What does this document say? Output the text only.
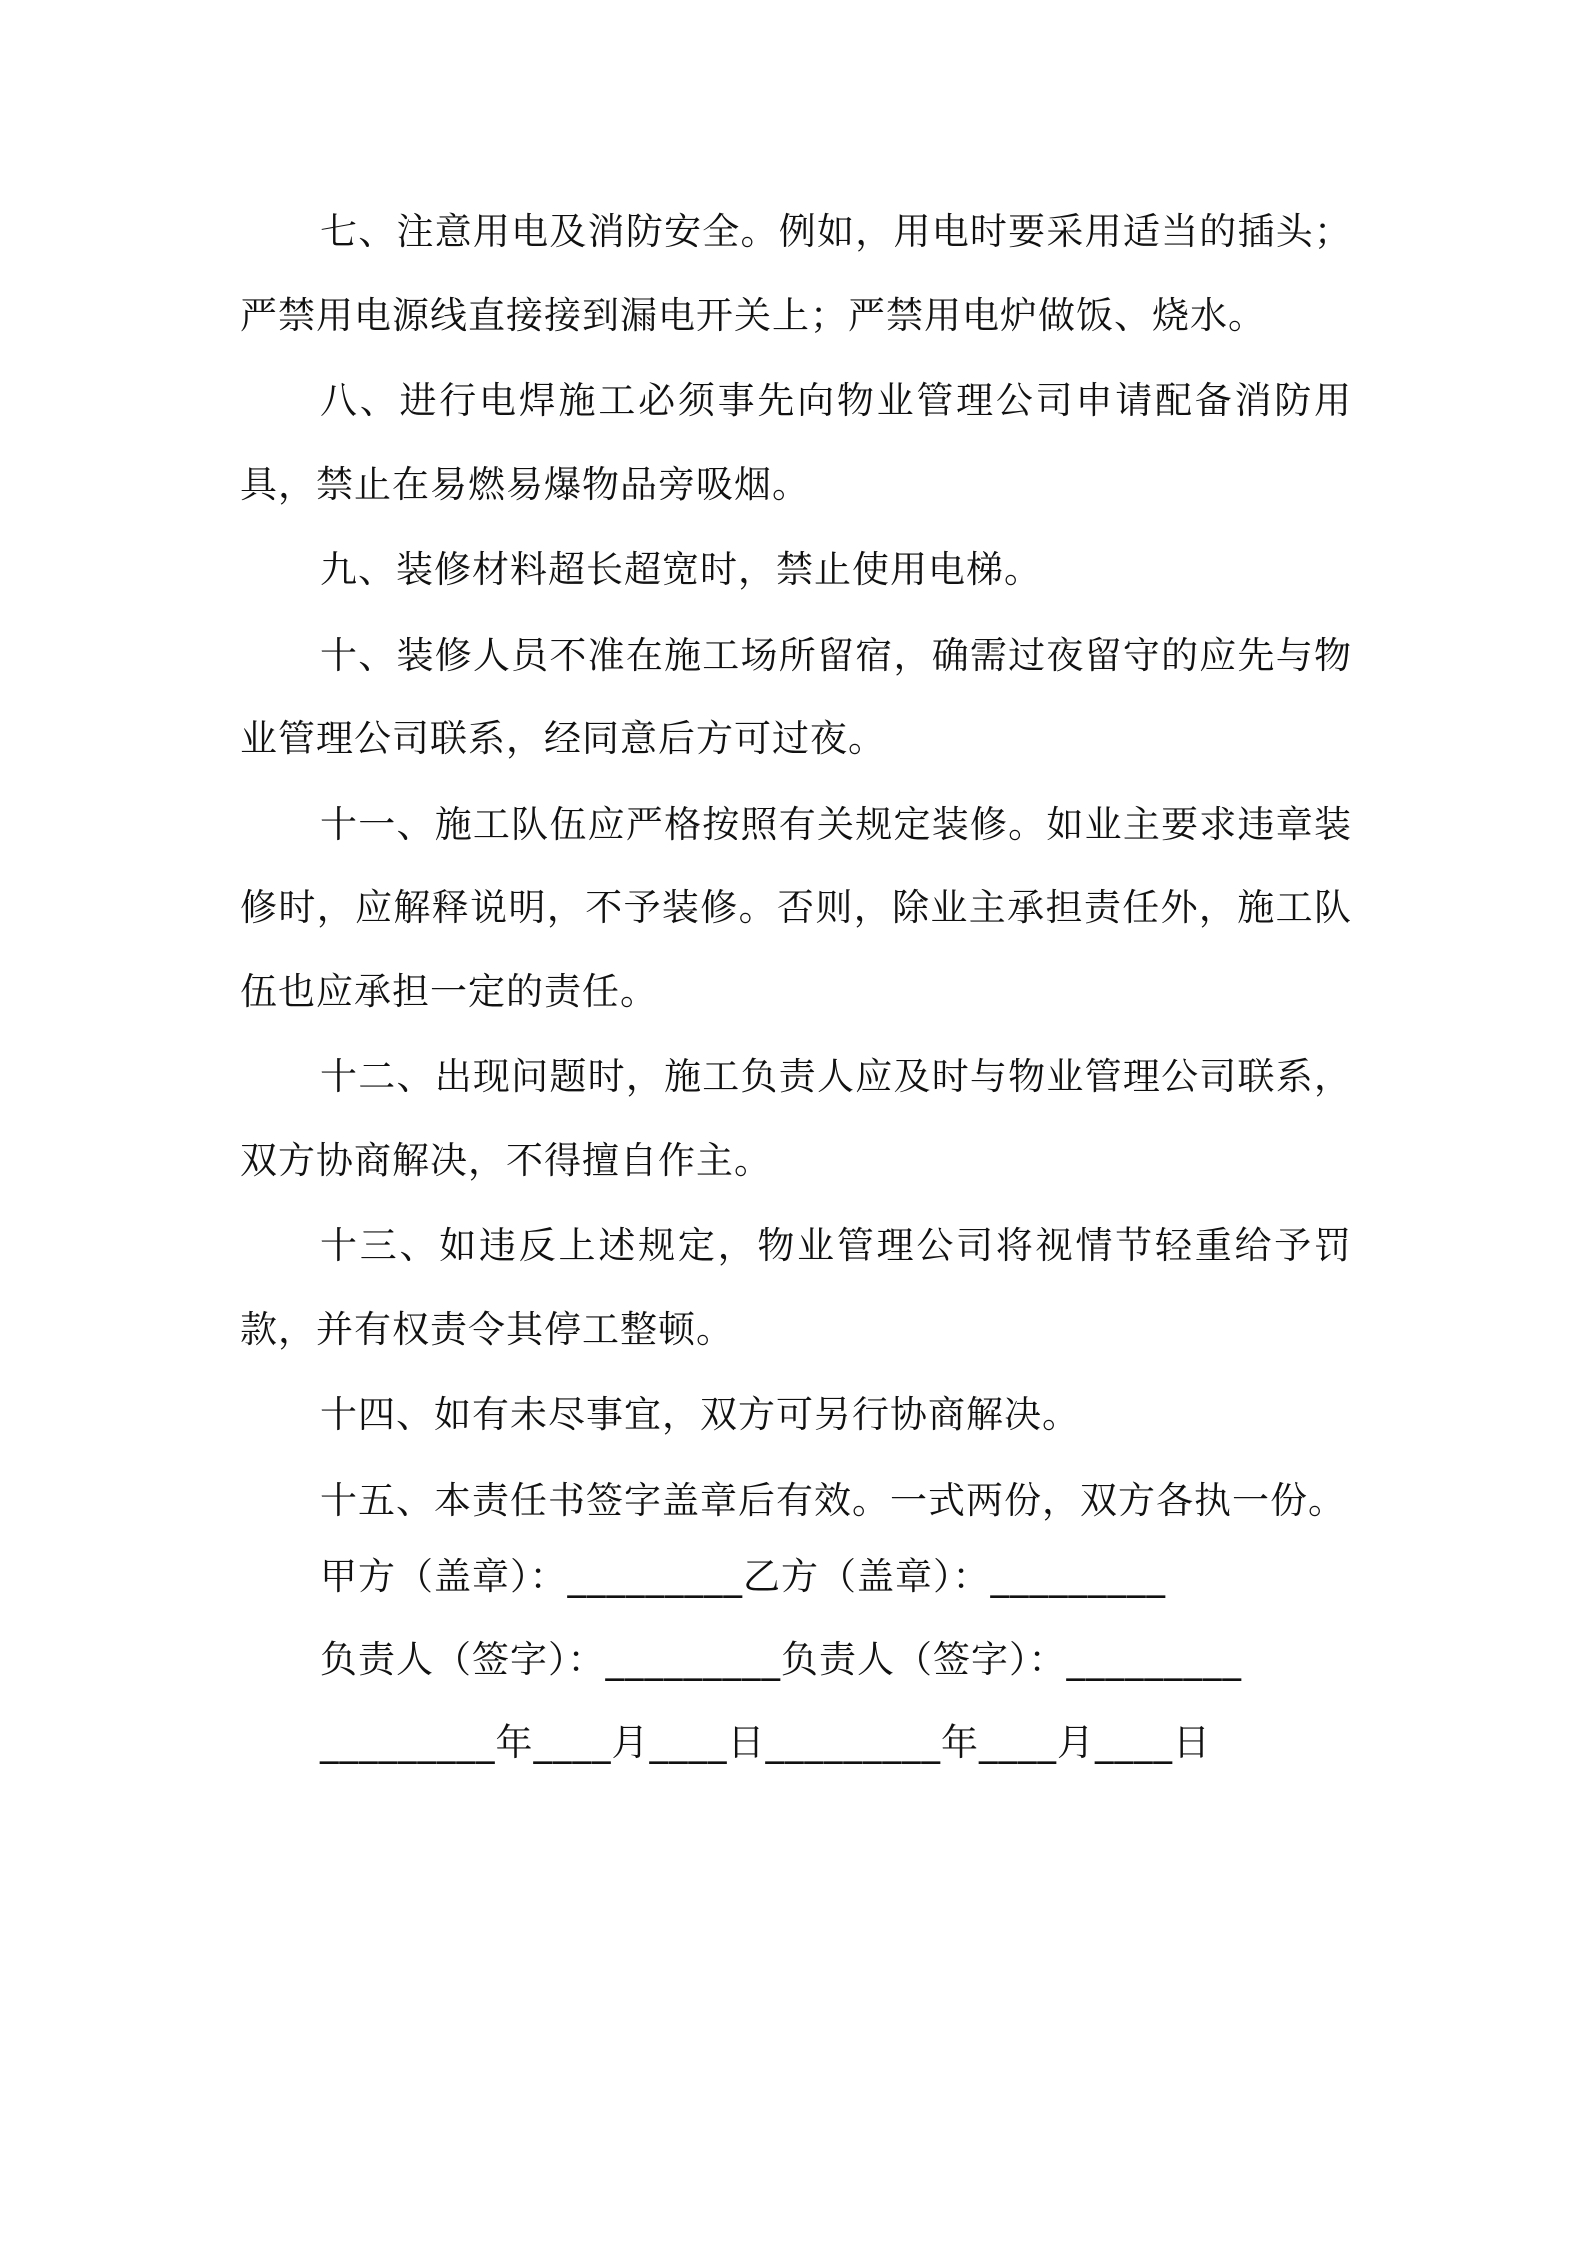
七、注意用电及消防安全。例如，用电时要采用适当的插头；严禁用电源线直接接到漏电开关上；严禁用电炉做饭、烧水。

八、进行电焊施工必须事先向物业管理公司申请配备消防用具，禁止在易燃易爆物品旁吸烟。

九、装修材料超长超宽时，禁止使用电梯。

十、装修人员不准在施工场所留宿，确需过夜留守的应先与物业管理公司联系，经同意后方可过夜。

十一、施工队伍应严格按照有关规定装修。如业主要求违章装修时，应解释说明，不予装修。否则，除业主承担责任外，施工队伍也应承担一定的责任。

十二、出现问题时，施工负责人应及时与物业管理公司联系，双方协商解决，不得擅自作主。

十三、如违反上述规定，物业管理公司将视情节轻重给予罚款，并有权责令其停工整顿。

十四、如有未尽事宜，双方可另行协商解决。

十五、本责任书签字盖章后有效。一式两份，双方各执一份。

甲方（盖章）：_________乙方（盖章）：_________
负责人（签字）：_________负责人（签字）：_________
_________年____月____日_________年____月____日
